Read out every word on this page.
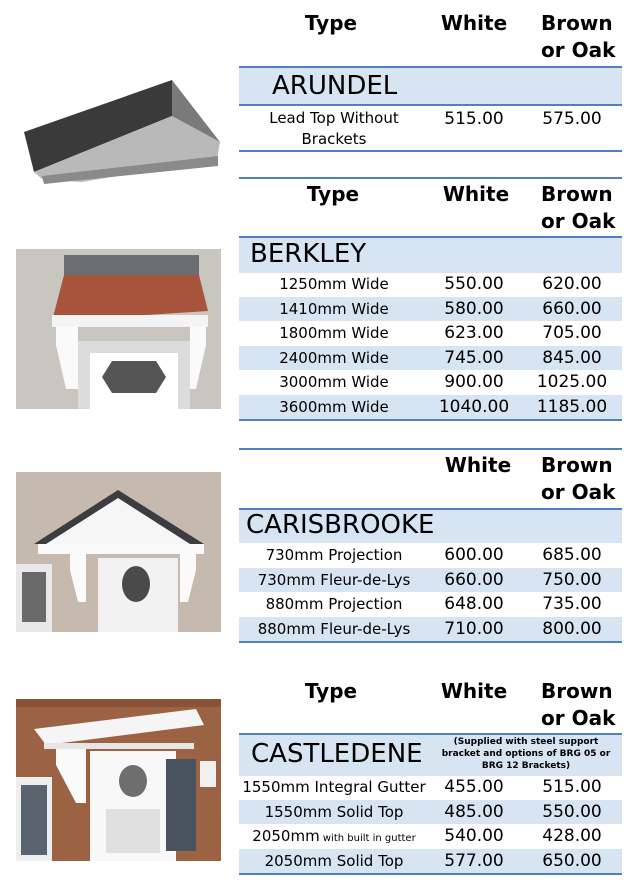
Type	White	Brown
or Oak
ARUNDEL
Lead Top Without
Brackets
515.00	575.00
Type	White	Brown
or Oak
BERKLEY
1250mm Wide	550.00	620.00
1410mm Wide	580.00	660.00
1800mm Wide	623.00	705.00
2400mm Wide	745.00	845.00
3000mm Wide	900.00	1025.00
3600mm Wide	1040.00	1185.00
White	Brown
or Oak
CARISBROOKE
730mm Projection	600.00	685.00
730mm Fleur-de-Lys	660.00	750.00
880mm Projection	648.00	735.00
880mm Fleur-de-Lys	710.00	800.00
Type	White	Brown
or Oak
CASTLEDENE	(Supplied with steel support bracket and options of BRG 05 or BRG 12 Brackets)
1550mm Integral Gutter	455.00	515.00
1550mm Solid Top	485.00	550.00
2050mm with built in gutter	540.00	428.00
2050mm Solid Top	577.00	650.00
